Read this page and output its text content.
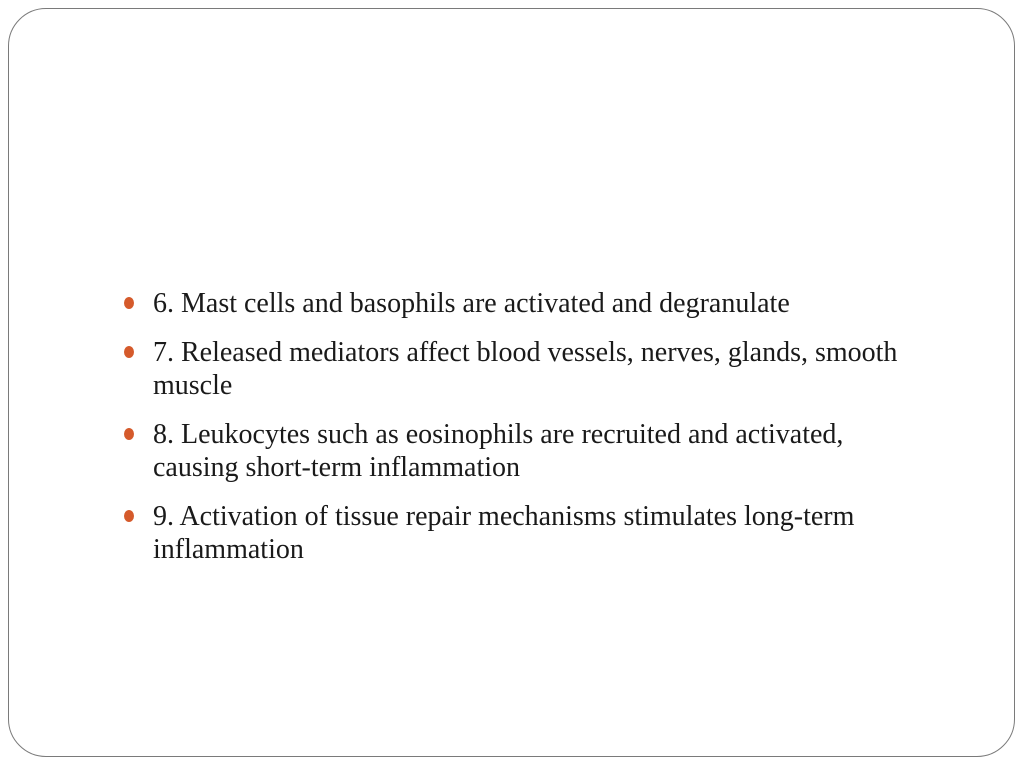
6. Mast cells and basophils are activated and degranulate
7. Released mediators affect blood vessels, nerves, glands, smooth muscle
8. Leukocytes such as eosinophils are recruited and activated, causing short-term inflammation
9. Activation of tissue repair mechanisms stimulates long-term inflammation
